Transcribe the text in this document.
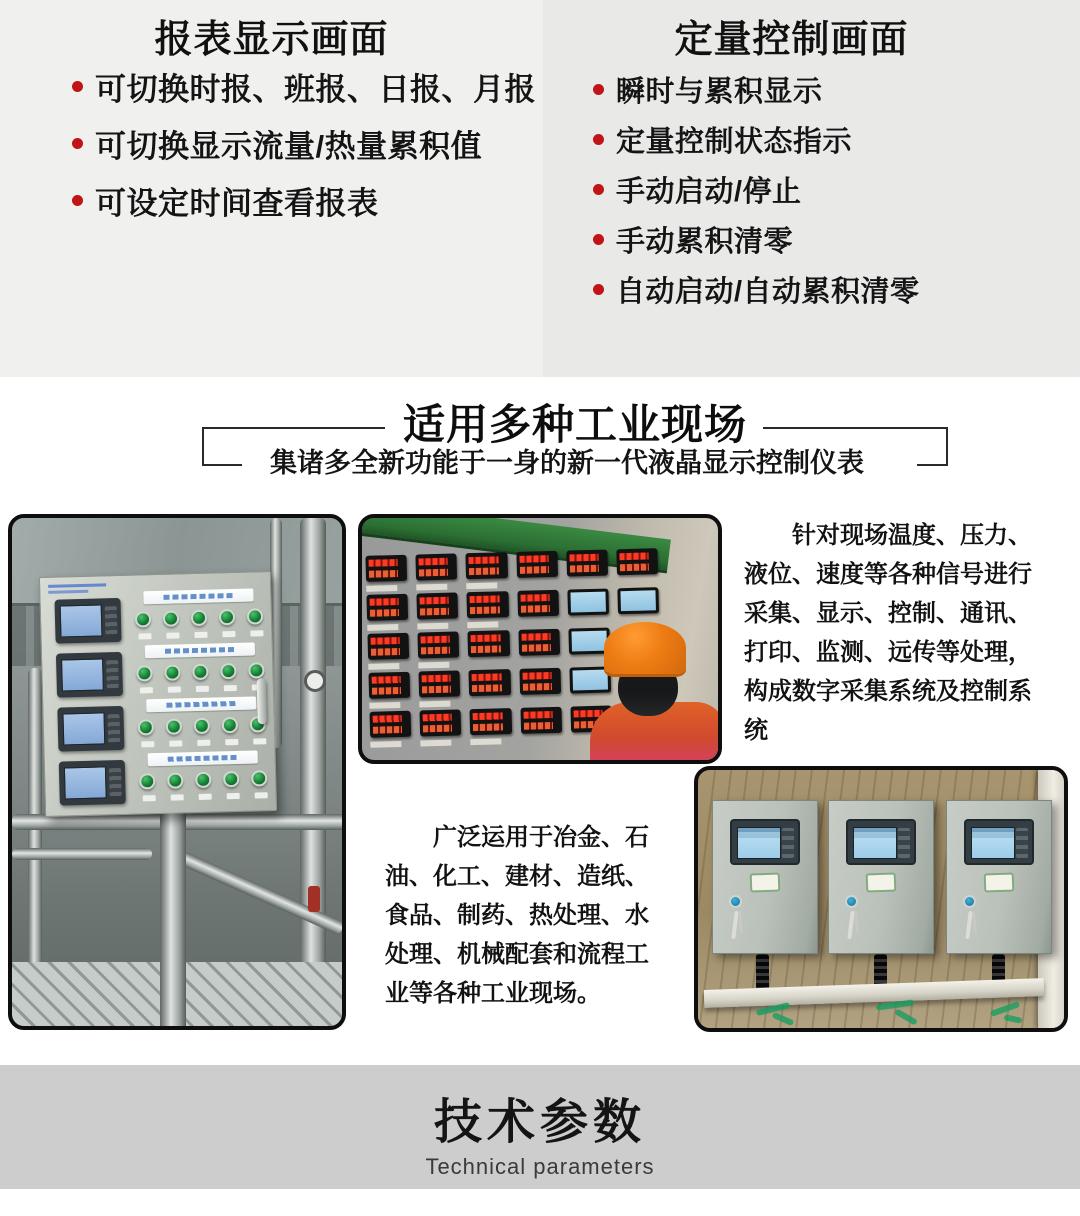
报表显示画面
可切换时报、班报、日报、月报
可切换显示流量/热量累积值
可设定时间查看报表
定量控制画面
瞬时与累积显示
定量控制状态指示
手动启动/停止
手动累积清零
自动启动/自动累积清零
适用多种工业现场
集诸多全新功能于一身的新一代液晶显示控制仪表
针对现场温度、压力、
液位、速度等各种信号进行
采集、显示、控制、通讯、
打印、监测、远传等处理，
构成数字采集系统及控制系
统
广泛运用于冶金、石
油、化工、建材、造纸、
食品、制药、热处理、水
处理、机械配套和流程工
业等各种工业现场。
技术参数

Technical parameters
